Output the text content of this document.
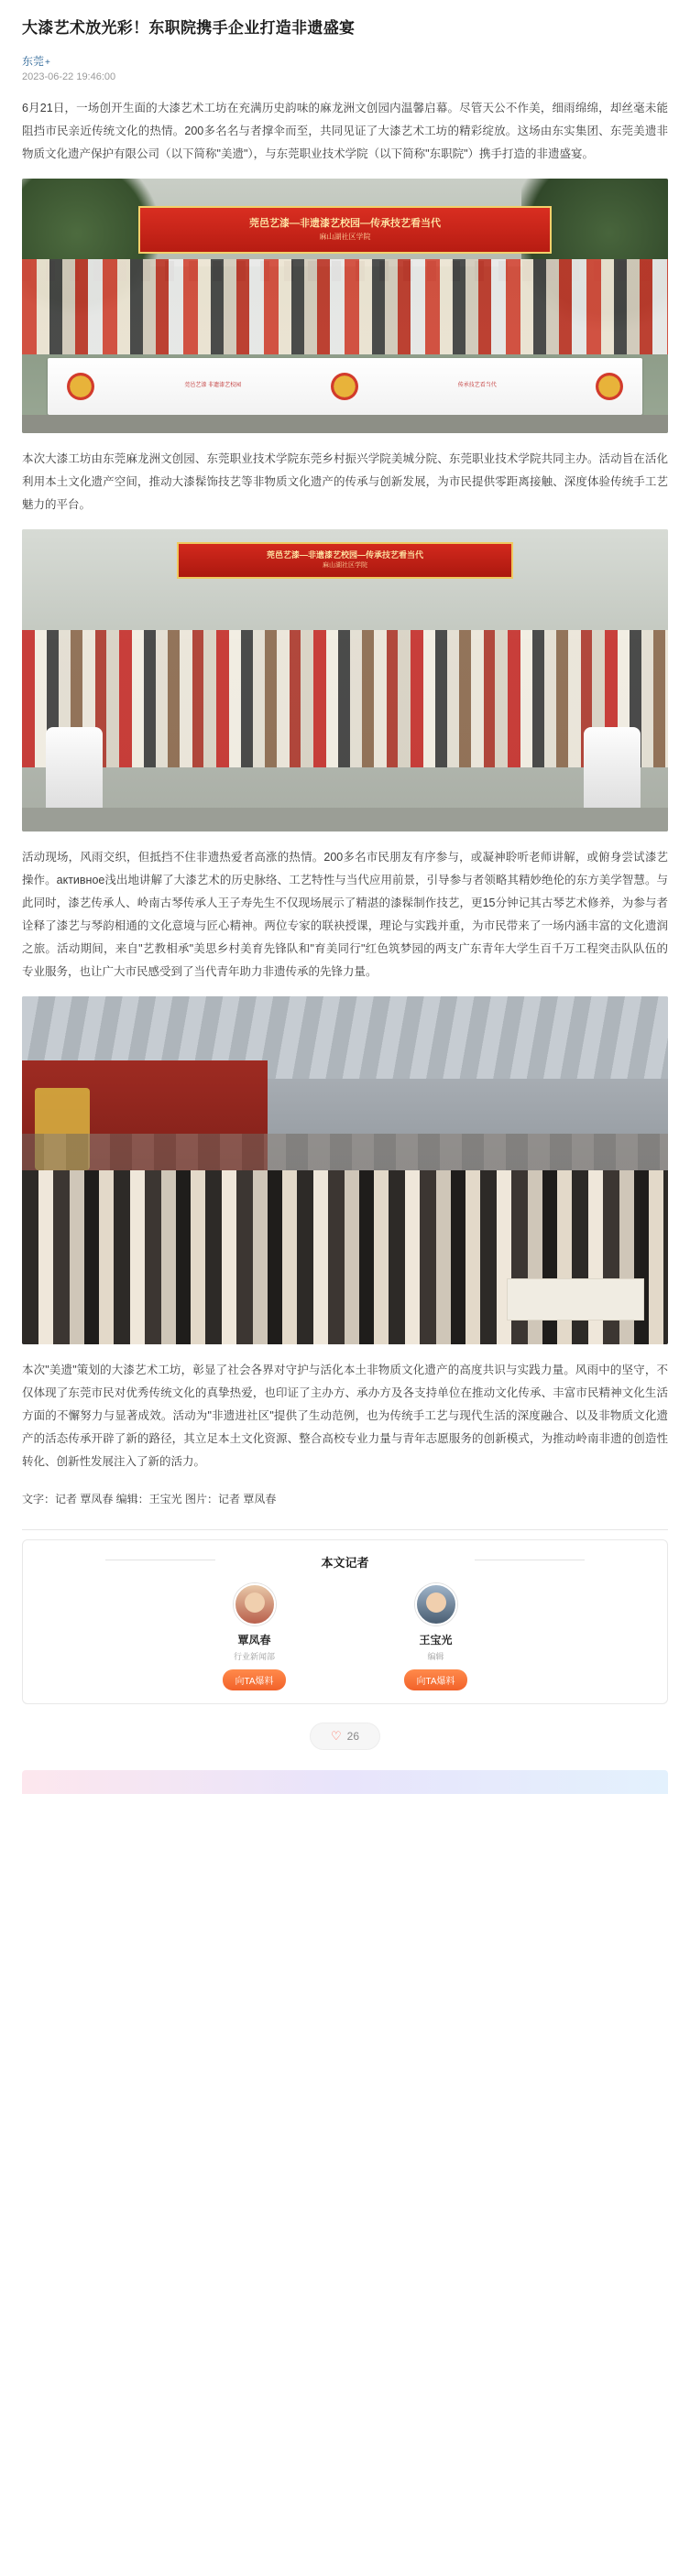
大漆艺术放光彩！东职院携手企业打造非遗盛宴
东莞+
2023-06-22 19:46:00

6月21日，一场创开生面的大漆艺术工坊在充满历史韵味的麻龙洲文创园内温馨启幕。尽管天公不作美，细雨绵绵，却丝毫未能阻挡市民亲近传统文化的热情。200多名名与者撑伞而至，共同见证了大漆艺术工坊的精彩绽放。这场由东实集团、东莞美遗非物质文化遗产保护有限公司（以下简称"美遗"），与东莞职业技术学院（以下简称"东职院"）携手打造的非遗盛宴。

莞邑艺漆—非遗漆艺校园—传承技艺看当代
麻山湖社区学院
莞邑艺漆 非遗漆艺校园	传承技艺看当代

本次大漆工坊由东莞麻龙洲文创园、东莞职业技术学院东莞乡村振兴学院美城分院、东莞职业技术学院共同主办。活动旨在活化利用本土文化遗产空间，推动大漆髹饰技艺等非物质文化遗产的传承与创新发展，为市民提供零距离接触、深度体验传统手工艺魅力的平台。

莞邑艺漆—非遗漆艺校园—传承技艺看当代
麻山湖社区学院

活动现场，风雨交织，但抵挡不住非遗热爱者高涨的热情。200多名市民朋友有序参与，或凝神聆听老师讲解，或俯身尝试漆艺操作。активное浅出地讲解了大漆艺术的历史脉络、工艺特性与当代应用前景，引导参与者领略其精妙绝伦的东方美学智慧。与此同时，漆艺传承人、岭南古琴传承人王子寿先生不仅现场展示了精湛的漆髹制作技艺，更15分钟记其古琴艺术修养，为参与者诠释了漆艺与琴韵相通的文化意境与匠心精神。两位专家的联袂授课，理论与实践并重，为市民带来了一场内涵丰富的文化遗润之旅。活动期间，来自"艺教相承"美思乡村美育先锋队和"育美同行"红色筑梦园的两支广东青年大学生百千万工程突击队队伍的专业服务，也让广大市民感受到了当代青年助力非遗传承的先锋力量。

本次"美遗"策划的大漆艺术工坊，彰显了社会各界对守护与活化本土非物质文化遗产的高度共识与实践力量。风雨中的坚守，不仅体现了东莞市民对优秀传统文化的真挚热爱，也印证了主办方、承办方及各支持单位在推动文化传承、丰富市民精神文化生活方面的不懈努力与显著成效。活动为"非遗进社区"提供了生动范例，也为传统手工艺与现代生活的深度融合、以及非物质文化遗产的活态传承开辟了新的路径，其立足本土文化资源、整合高校专业力量与青年志愿服务的创新模式，为推动岭南非遗的创造性转化、创新性发展注入了新的活力。

文字：记者 覃凤春 编辑：王宝光 图片：记者 覃凤春
本文记者
覃凤春
行业新闻部
向TA爆料
王宝光
编辑
向TA爆料
♡ 26
